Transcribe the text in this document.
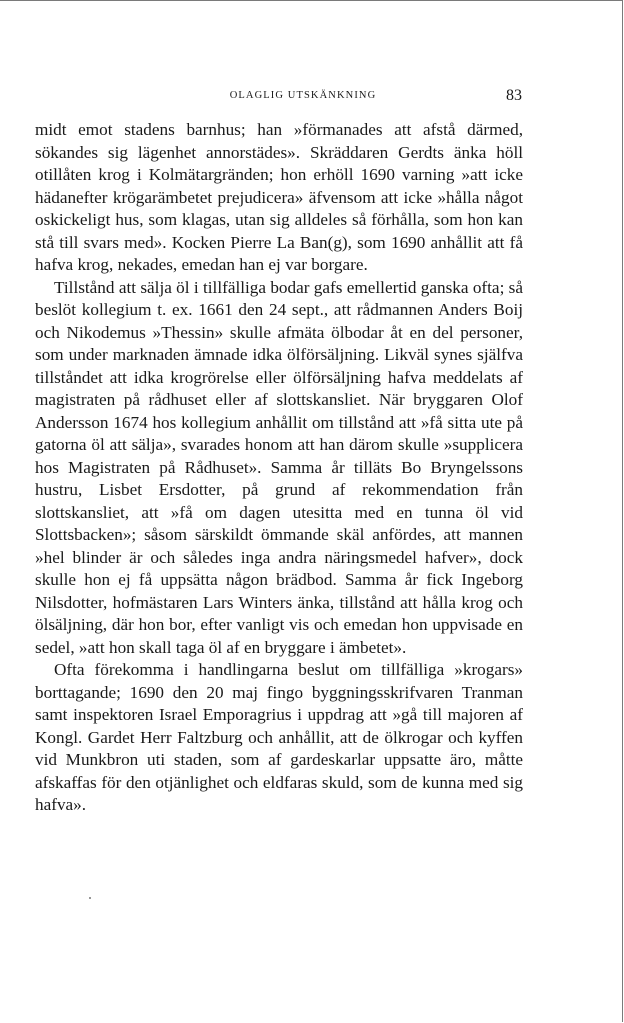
OLAGLIG UTSKÄNKNING	83

midt emot stadens barnhus; han »förmanades att afstå därmed, sökandes sig lägenhet annorstädes». Skräddaren Gerdts änka höll otillåten krog i Kolmätargränden; hon erhöll 1690 varning »att icke hädanefter krögarämbetet prejudicera» äfvensom att icke »hålla något oskickeligt hus, som klagas, utan sig alldeles så förhålla, som hon kan stå till svars med». Kocken Pierre La Ban(g), som 1690 anhållit att få hafva krog, nekades, emedan han ej var borgare.

Tillstånd att sälja öl i tillfälliga bodar gafs emellertid ganska ofta; så beslöt kollegium t. ex. 1661 den 24 sept., att rådmannen Anders Boij och Nikodemus »Thessin» skulle afmäta ölbodar åt en del personer, som under marknaden ämnade idka ölförsäljning. Likväl synes själfva tillståndet att idka krogrörelse eller ölförsäljning hafva meddelats af magistraten på rådhuset eller af slottskansliet. När bryggaren Olof Andersson 1674 hos kollegium anhållit om tillstånd att »få sitta ute på gatorna öl att sälja», svarades honom att han därom skulle »supplicera hos Magistraten på Rådhuset». Samma år tilläts Bo Bryngelssons hustru, Lisbet Ersdotter, på grund af rekommendation från slottskansliet, att »få om dagen utesitta med en tunna öl vid Slottsbacken»; såsom särskildt ömmande skäl anfördes, att mannen »hel blinder är och således inga andra näringsmedel hafver», dock skulle hon ej få uppsätta någon brädbod. Samma år fick Ingeborg Nilsdotter, hofmästaren Lars Winters änka, tillstånd att hålla krog och ölsäljning, där hon bor, efter vanligt vis och emedan hon uppvisade en sedel, »att hon skall taga öl af en bryggare i ämbetet».

Ofta förekomma i handlingarna beslut om tillfälliga »krogars» borttagande; 1690 den 20 maj fingo byggningsskrifvaren Tranman samt inspektoren Israel Emporagrius i uppdrag att »gå till majoren af Kongl. Gardet Herr Faltzburg och anhållit, att de ölkrogar och kyffen vid Munkbron uti staden, som af gardeskarlar uppsatte äro, måtte afskaffas för den otjänlighet och eldfaras skuld, som de kunna med sig hafva».
